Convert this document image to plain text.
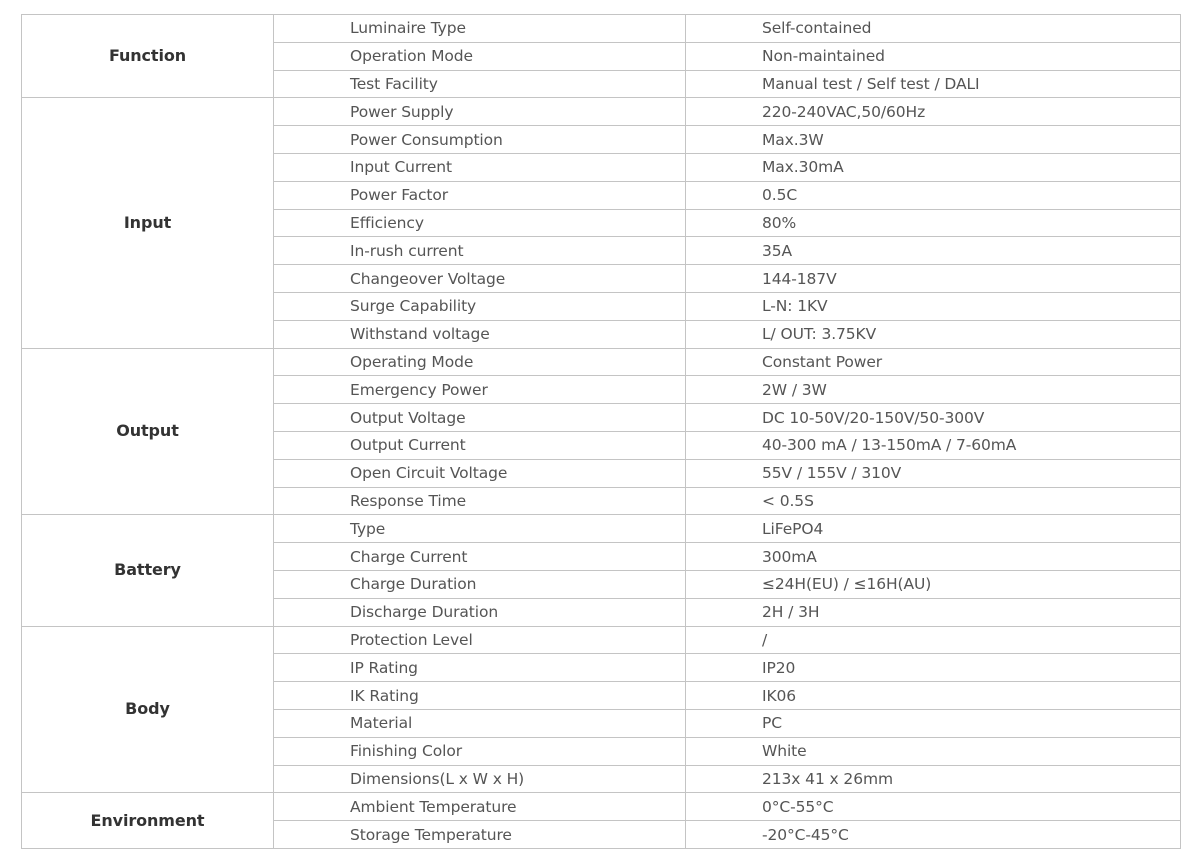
Function	Luminaire Type	Self-contained
	Operation Mode	Non-maintained
	Test Facility	Manual test / Self test / DALI
Input	Power Supply	220-240VAC,50/60Hz
	Power Consumption	Max.3W
	Input Current	Max.30mA
	Power Factor	0.5C
	Efficiency	80%
	In-rush current	35A
	Changeover Voltage	144-187V
	Surge Capability	L-N: 1KV
	Withstand voltage	L/ OUT: 3.75KV
Output	Operating Mode	Constant Power
	Emergency Power	2W / 3W
	Output Voltage	DC 10-50V/20-150V/50-300V
	Output Current	40-300 mA / 13-150mA / 7-60mA
	Open Circuit Voltage	55V / 155V / 310V
	Response Time	< 0.5S
Battery	Type	LiFePO4
	Charge Current	300mA
	Charge Duration	≤24H(EU) / ≤16H(AU)
	Discharge Duration	2H / 3H
Body	Protection Level	/
	IP Rating	IP20
	IK Rating	IK06
	Material	PC
	Finishing Color	White
	Dimensions(L x W x H)	213x 41 x 26mm
Environment	Ambient Temperature	0°C-55°C
	Storage Temperature	-20°C-45°C
